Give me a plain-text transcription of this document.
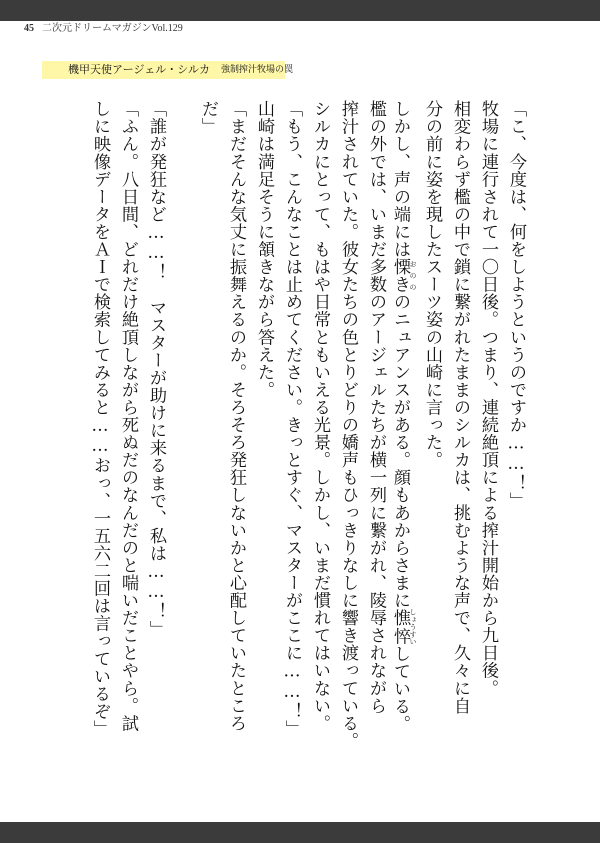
45 二次元ドリームマガジンVol.129
機甲天使アージェル・シルカ 強制搾汁牧場の罠
「こ、今度は、何をしようというのですか……！」
牧場に連行されて一〇日後。つまり、連続絶頂による搾汁開始から九日後。
相変わらず檻の中で鎖に繋がれたままのシルカは、挑むような声で、久々に自
分の前に姿を現したスーツ姿の山崎に言った。
しかし、声の端には慄き おのののニュアンスがある。顔もあからさまに憔悴 しょうすいしている。
檻の外では、いまだ多数のアージェルたちが横一列に繋がれ、陵辱されながら
搾汁されていた。彼女たちの色とりどりの嬌声もひっきりなしに響き渡っている。
シルカにとって、もはや日常ともいえる光景。しかし、いまだ慣れてはいない。
「もう、こんなことは止めてください。きっとすぐ、マスターがここに……！」
山崎は満足そうに頷きながら答えた。
「まだそんな気丈に振舞えるのか。そろそろ発狂しないかと心配していたところ
だ」
「誰が発狂など……！　マスターが助けに来るまで、私は……！」
「ふん。八日間、どれだけ絶頂しながら死ぬだのなんだのと喘いだことやら。試
しに映像データをＡＩで検索してみると……おっ、一五六二回は言っているぞ」
